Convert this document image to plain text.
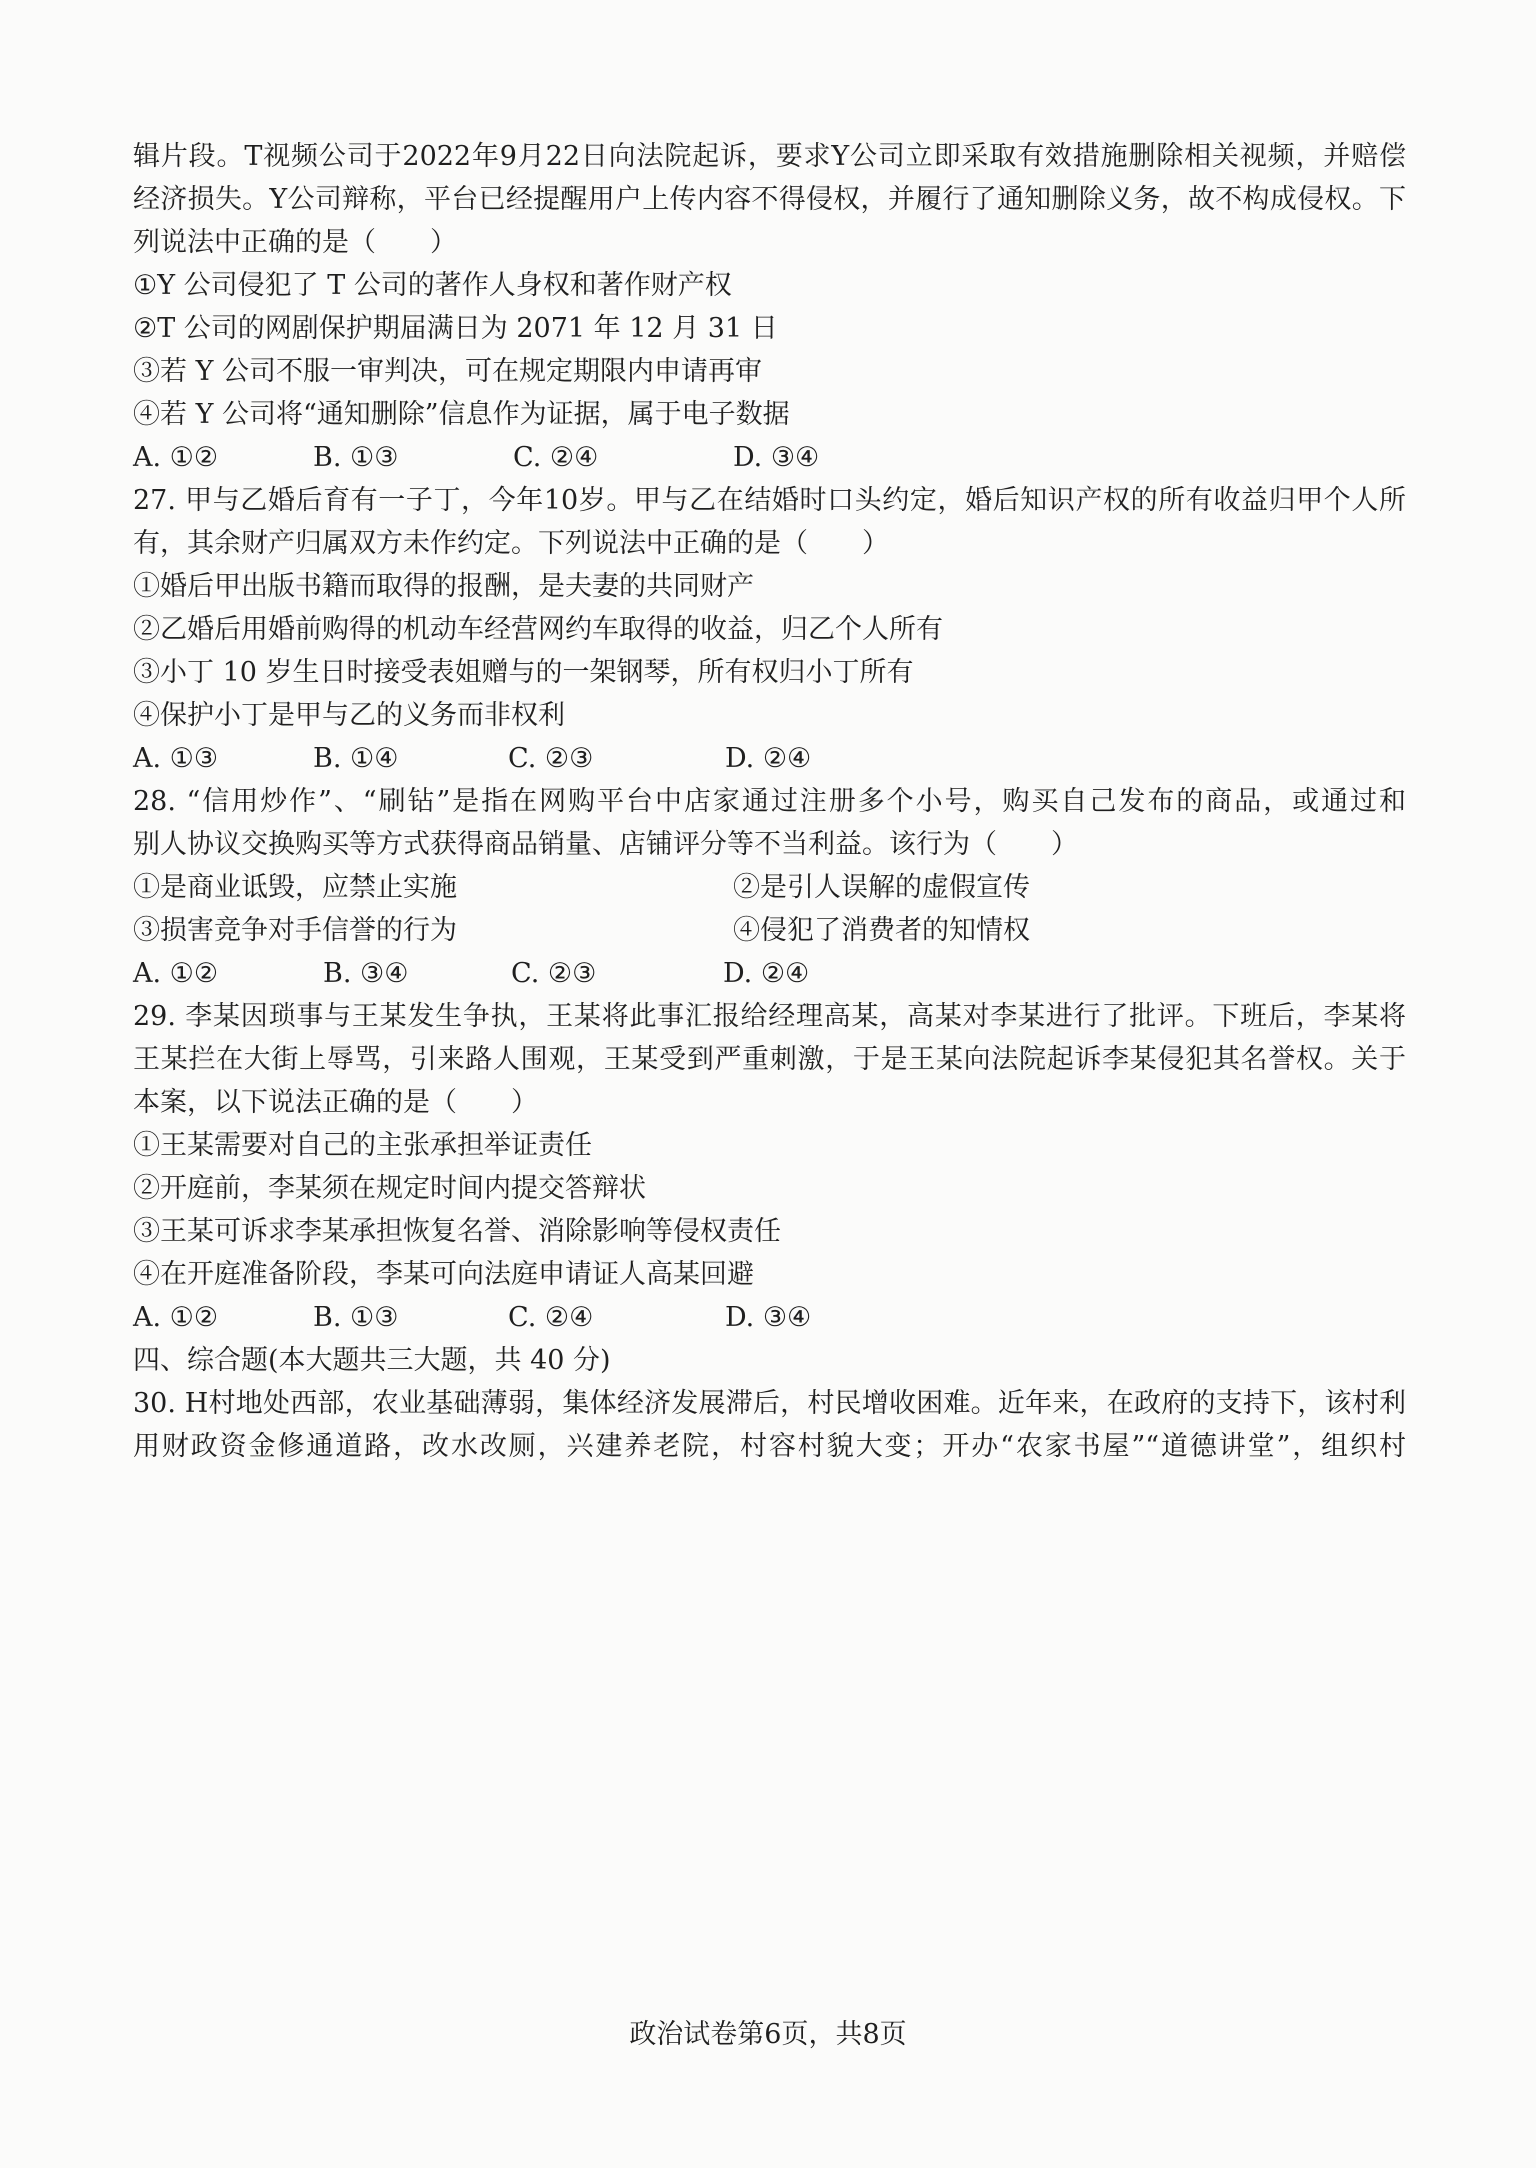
辑片段。T视频公司于2022年9月22日向法院起诉，要求Y公司立即采取有效措施删除相关视频，并赔偿
经济损失。Y公司辩称，平台已经提醒用户上传内容不得侵权，并履行了通知删除义务，故不构成侵权。下
列说法中正确的是（　　）
①Y 公司侵犯了 T 公司的著作人身权和著作财产权
②T 公司的网剧保护期届满日为 2071 年 12 月 31 日
③若 Y 公司不服一审判决，可在规定期限内申请再审
④若 Y 公司将“通知删除”信息作为证据，属于电子数据
A. ①②	B. ①③	C. ②④	D. ③④
27. 甲与乙婚后育有一子丁，今年10岁。甲与乙在结婚时口头约定，婚后知识产权的所有收益归甲个人所
有，其余财产归属双方未作约定。下列说法中正确的是（　　）
①婚后甲出版书籍而取得的报酬，是夫妻的共同财产
②乙婚后用婚前购得的机动车经营网约车取得的收益，归乙个人所有
③小丁 10 岁生日时接受表姐赠与的一架钢琴，所有权归小丁所有
④保护小丁是甲与乙的义务而非权利
A. ①③	B. ①④	C. ②③	D. ②④
28. “信用炒作”、“刷钻”是指在网购平台中店家通过注册多个小号，购买自己发布的商品，或通过和
别人协议交换购买等方式获得商品销量、店铺评分等不当利益。该行为（　　）
①是商业诋毁，应禁止实施	②是引人误解的虚假宣传
③损害竞争对手信誉的行为	④侵犯了消费者的知情权
A. ①②	B. ③④	C. ②③	D. ②④
29. 李某因琐事与王某发生争执，王某将此事汇报给经理高某，高某对李某进行了批评。下班后，李某将
王某拦在大街上辱骂，引来路人围观，王某受到严重刺激，于是王某向法院起诉李某侵犯其名誉权。关于
本案，以下说法正确的是（　　）
①王某需要对自己的主张承担举证责任
②开庭前，李某须在规定时间内提交答辩状
③王某可诉求李某承担恢复名誉、消除影响等侵权责任
④在开庭准备阶段，李某可向法庭申请证人高某回避
A. ①②	B. ①③	C. ②④	D. ③④
四、综合题(本大题共三大题，共 40 分)
30. H村地处西部，农业基础薄弱，集体经济发展滞后，村民增收困难。近年来，在政府的支持下，该村利
用财政资金修通道路，改水改厕，兴建养老院，村容村貌大变；开办“农家书屋”“道德讲堂”，组织村
政治试卷第6页，共8页
